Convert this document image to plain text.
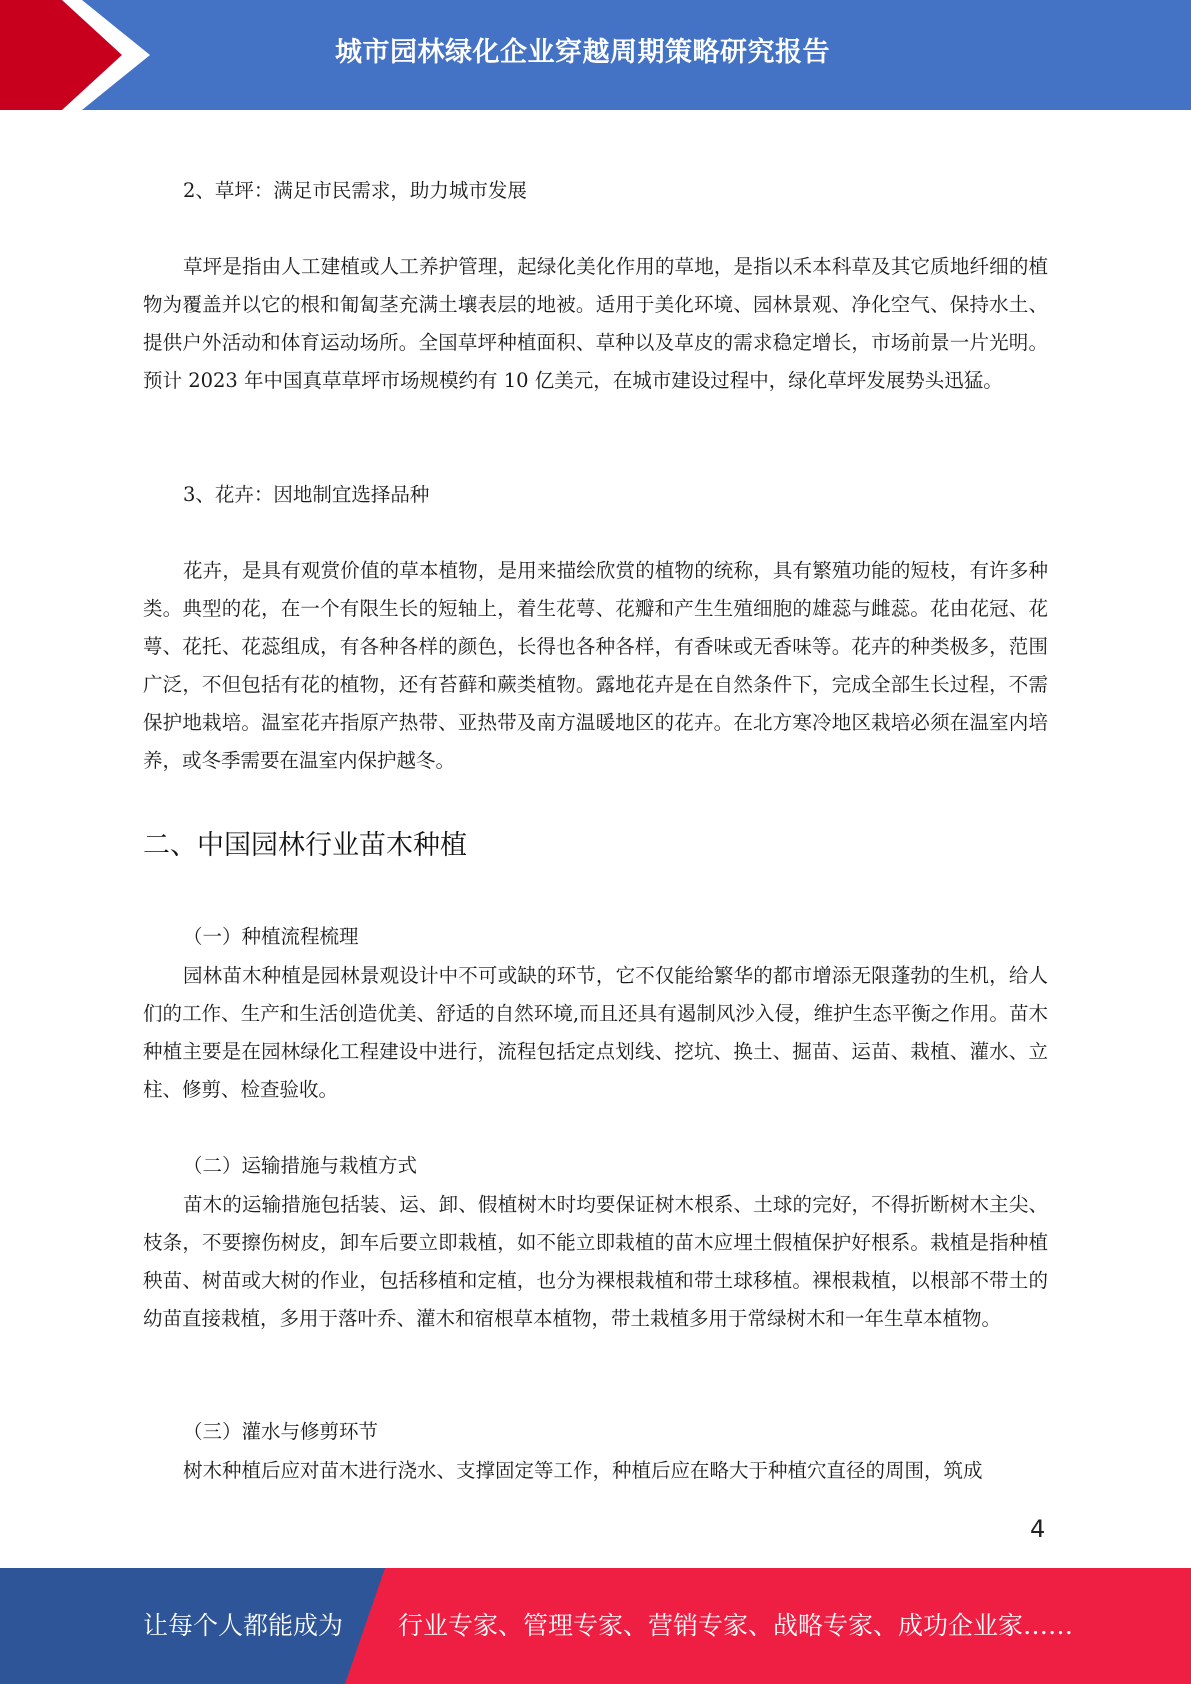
城市园林绿化企业穿越周期策略研究报告
2、草坪：满足市民需求，助力城市发展
草坪是指由人工建植或人工养护管理，起绿化美化作用的草地，是指以禾本科草及其它质地纤细的植物为覆盖并以它的根和匍匐茎充满土壤表层的地被。适用于美化环境、园林景观、净化空气、保持水土、提供户外活动和体育运动场所。全国草坪种植面积、草种以及草皮的需求稳定增长，市场前景一片光明。预计 2023 年中国真草草坪市场规模约有 10 亿美元，在城市建设过程中，绿化草坪发展势头迅猛。
3、花卉：因地制宜选择品种
花卉，是具有观赏价值的草本植物，是用来描绘欣赏的植物的统称，具有繁殖功能的短枝，有许多种类。典型的花，在一个有限生长的短轴上，着生花萼、花瓣和产生生殖细胞的雄蕊与雌蕊。花由花冠、花萼、花托、花蕊组成，有各种各样的颜色，长得也各种各样，有香味或无香味等。花卉的种类极多，范围广泛，不但包括有花的植物，还有苔藓和蕨类植物。露地花卉是在自然条件下，完成全部生长过程，不需保护地栽培。温室花卉指原产热带、亚热带及南方温暖地区的花卉。在北方寒冷地区栽培必须在温室内培养，或冬季需要在温室内保护越冬。
二、中国园林行业苗木种植
（一）种植流程梳理
园林苗木种植是园林景观设计中不可或缺的环节，它不仅能给繁华的都市增添无限蓬勃的生机，给人们的工作、生产和生活创造优美、舒适的自然环境,而且还具有遏制风沙入侵，维护生态平衡之作用。苗木种植主要是在园林绿化工程建设中进行，流程包括定点划线、挖坑、换土、掘苗、运苗、栽植、灌水、立柱、修剪、检查验收。
（二）运输措施与栽植方式
苗木的运输措施包括装、运、卸、假植树木时均要保证树木根系、土球的完好，不得折断树木主尖、枝条，不要擦伤树皮，卸车后要立即栽植，如不能立即栽植的苗木应埋土假植保护好根系。栽植是指种植秧苗、树苗或大树的作业，包括移植和定植，也分为裸根栽植和带土球移植。裸根栽植，以根部不带土的幼苗直接栽植，多用于落叶乔、灌木和宿根草本植物，带土栽植多用于常绿树木和一年生草本植物。
（三）灌水与修剪环节
树木种植后应对苗木进行浇水、支撑固定等工作，种植后应在略大于种植穴直径的周围，筑成
4
让每个人都能成为 行业专家、管理专家、营销专家、战略专家、成功企业家……
